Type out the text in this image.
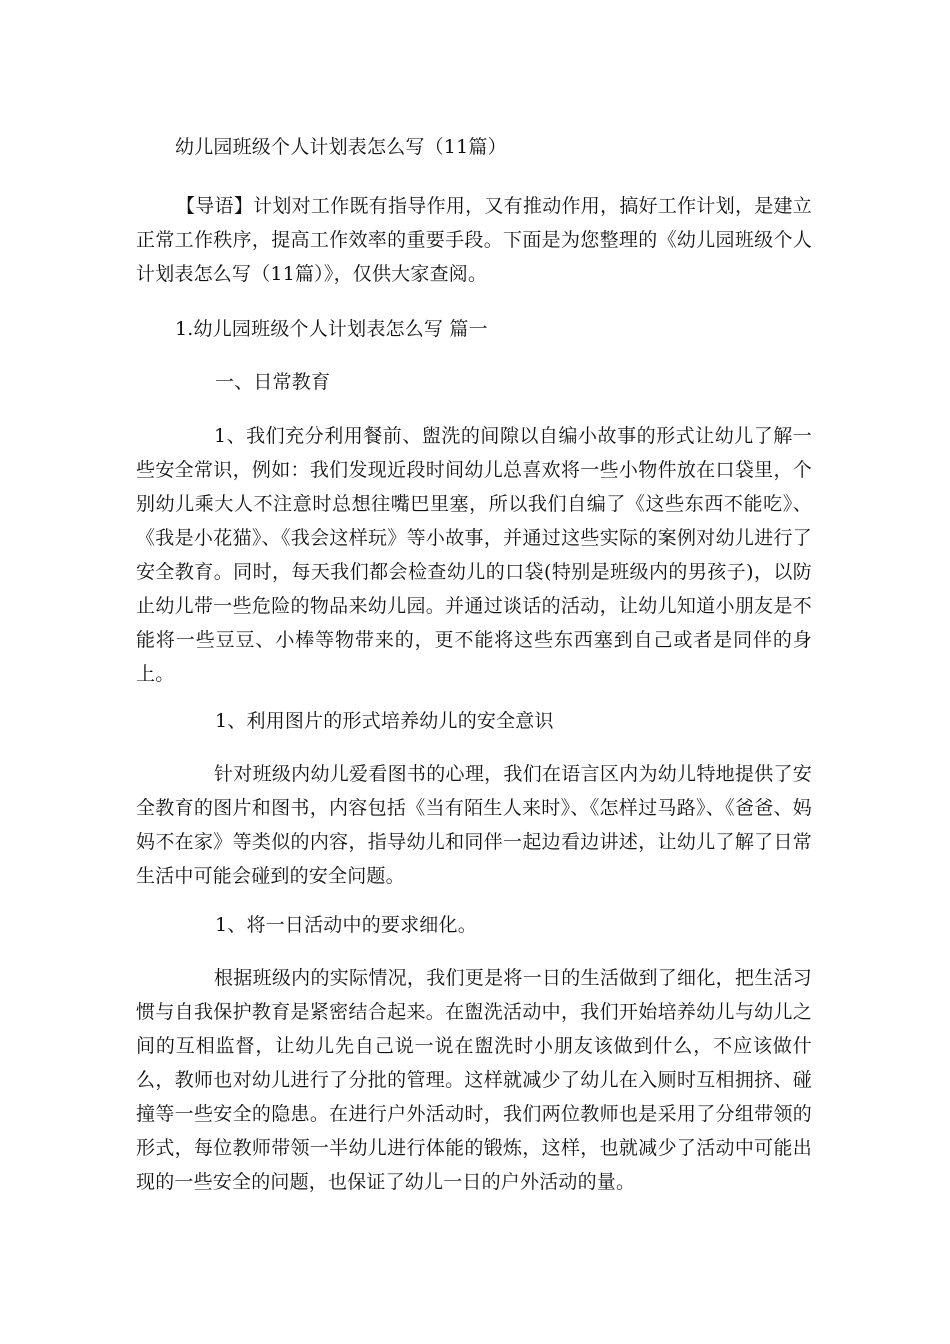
幼儿园班级个人计划表怎么写（11篇）
【导语】计划对工作既有指导作用，又有推动作用，搞好工作计划，是建立正常工作秩序，提高工作效率的重要手段。下面是为您整理的《幼儿园班级个人计划表怎么写（11篇）》，仅供大家查阅。
1.幼儿园班级个人计划表怎么写 篇一
一、日常教育
1、我们充分利用餐前、盥洗的间隙以自编小故事的形式让幼儿了解一些安全常识，例如：我们发现近段时间幼儿总喜欢将一些小物件放在口袋里，个别幼儿乘大人不注意时总想往嘴巴里塞，所以我们自编了《这些东西不能吃》、《我是小花猫》、《我会这样玩》等小故事，并通过这些实际的案例对幼儿进行了安全教育。同时，每天我们都会检查幼儿的口袋(特别是班级内的男孩子)，以防止幼儿带一些危险的物品来幼儿园。并通过谈话的活动，让幼儿知道小朋友是不能将一些豆豆、小棒等物带来的，更不能将这些东西塞到自己或者是同伴的身上。
1、利用图片的形式培养幼儿的安全意识
针对班级内幼儿爱看图书的心理，我们在语言区内为幼儿特地提供了安全教育的图片和图书，内容包括《当有陌生人来时》、《怎样过马路》、《爸爸、妈妈不在家》等类似的内容，指导幼儿和同伴一起边看边讲述，让幼儿了解了日常生活中可能会碰到的安全问题。
1、将一日活动中的要求细化。
根据班级内的实际情况，我们更是将一日的生活做到了细化，把生活习惯与自我保护教育是紧密结合起来。在盥洗活动中，我们开始培养幼儿与幼儿之间的互相监督，让幼儿先自己说一说在盥洗时小朋友该做到什么，不应该做什么，教师也对幼儿进行了分批的管理。这样就减少了幼儿在入厕时互相拥挤、碰撞等一些安全的隐患。在进行户外活动时，我们两位教师也是采用了分组带领的形式，每位教师带领一半幼儿进行体能的锻炼，这样，也就减少了活动中可能出现的一些安全的问题，也保证了幼儿一日的户外活动的量。
